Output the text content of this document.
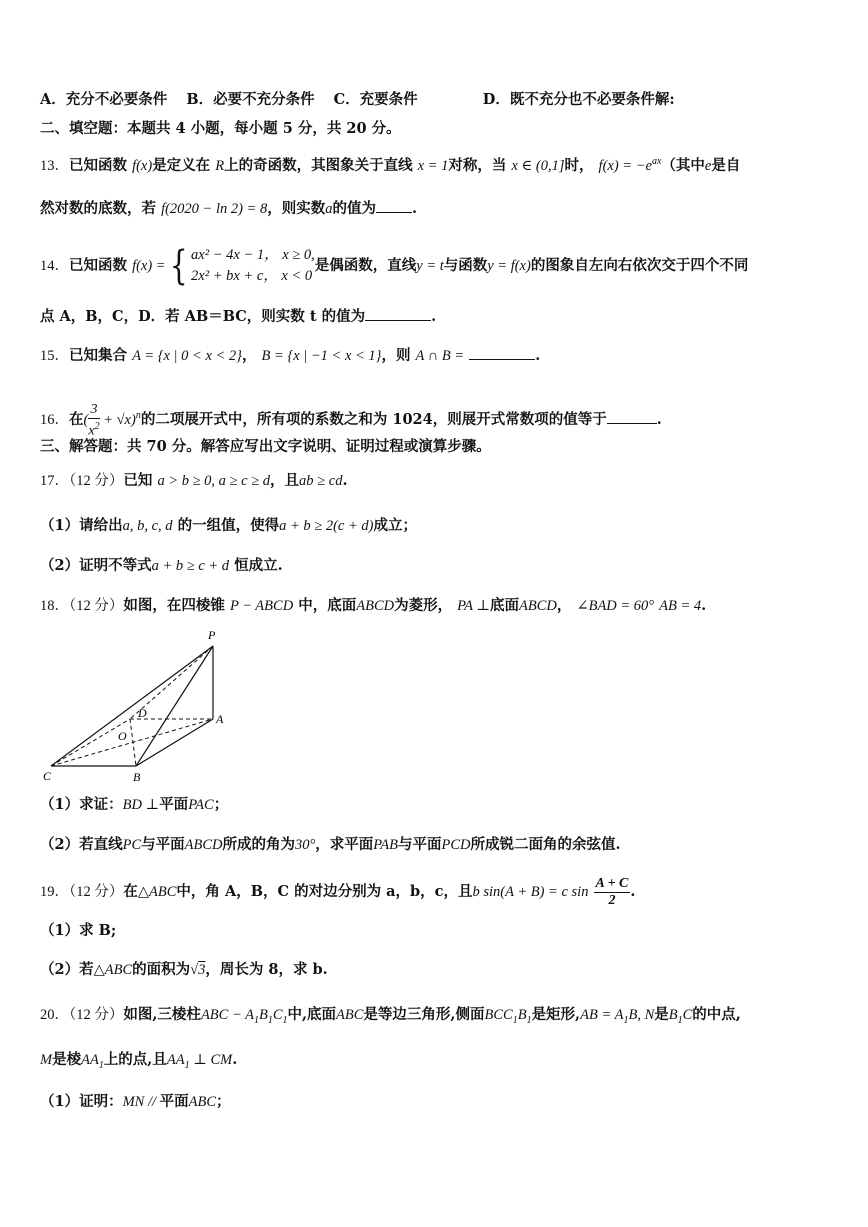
A．充分不必要条件 B．必要不充分条件 C．充要条件	D．既不充分也不必要条件解:
二、填空题：本题共 4 小题，每小题 5 分，共 20 分。
13．已知函数 f(x)是定义在 R上的奇函数，其图象关于直线 x = 1对称，当 x ∈ (0,1]时， $f(x) = -e^{ax}$（其中e是自
然对数的底数，若 f(2020 − ln 2) = 8，则实数a的值为 .
14．已知函数 f(x) ={ ax² − 4x − 1， x ≥ 0,
2x² + bx + c， x < 0
是偶函数，直线y = t与函数y = f(x)的图象自左向右依次交于四个不同
点 A，B，C，D．若 AB＝BC，则实数 t 的值为	.
15．已知集合 A = {x | 0 < x < 2}， B = {x | −1 < x < 1}，则 A ∩ B =	.
16．在( $\frac{3}{x^2} + √x)^n$的二项展开式中，所有项的系数之和为 1024，则展开式常数项的值等于	.
三、解答题：共 70 分。解答应写出文字说明、证明过程或演算步骤。
17．（12 分）已知 a > b ≥ 0, a ≥ c ≥ d，且ab ≥ cd.
（1）请给出a, b, c, d 的一组值，使得a + b ≥ 2(c + d)成立；
（2）证明不等式a + b ≥ c + d 恒成立.
18．（12 分）如图，在四棱锥 P − ABCD 中，底面ABCD为菱形， PA ⊥底面ABCD， ∠BAD = 60° AB = 4.
P
D	A
O
C	B
（1）求证：BD ⊥平面PAC；
（2）若直线PC与平面ABCD所成的角为30°，求平面PAB与平面PCD所成锐二面角的余弦值.
19．（12 分）在△ABC中，角 A，B，C 的对边分别为 a，b，c，且b sin(A + B) = c $\sin \frac{A + C}{2}$ .
（1）求 B;
（2）若△ABC的面积为√3，周长为 8，求 b.
20．（12 分）如图,三棱柱ABC − $A_1B_1C_1$中,底面ABC是等边三角形,侧面$BCC_1B_1$是矩形$,AB = A_1B$, N是$B_1C$的中点,
M是棱$AA_1$上的点,且$AA_1$ ⊥ CM.
（1）证明：MN // 平面ABC；
